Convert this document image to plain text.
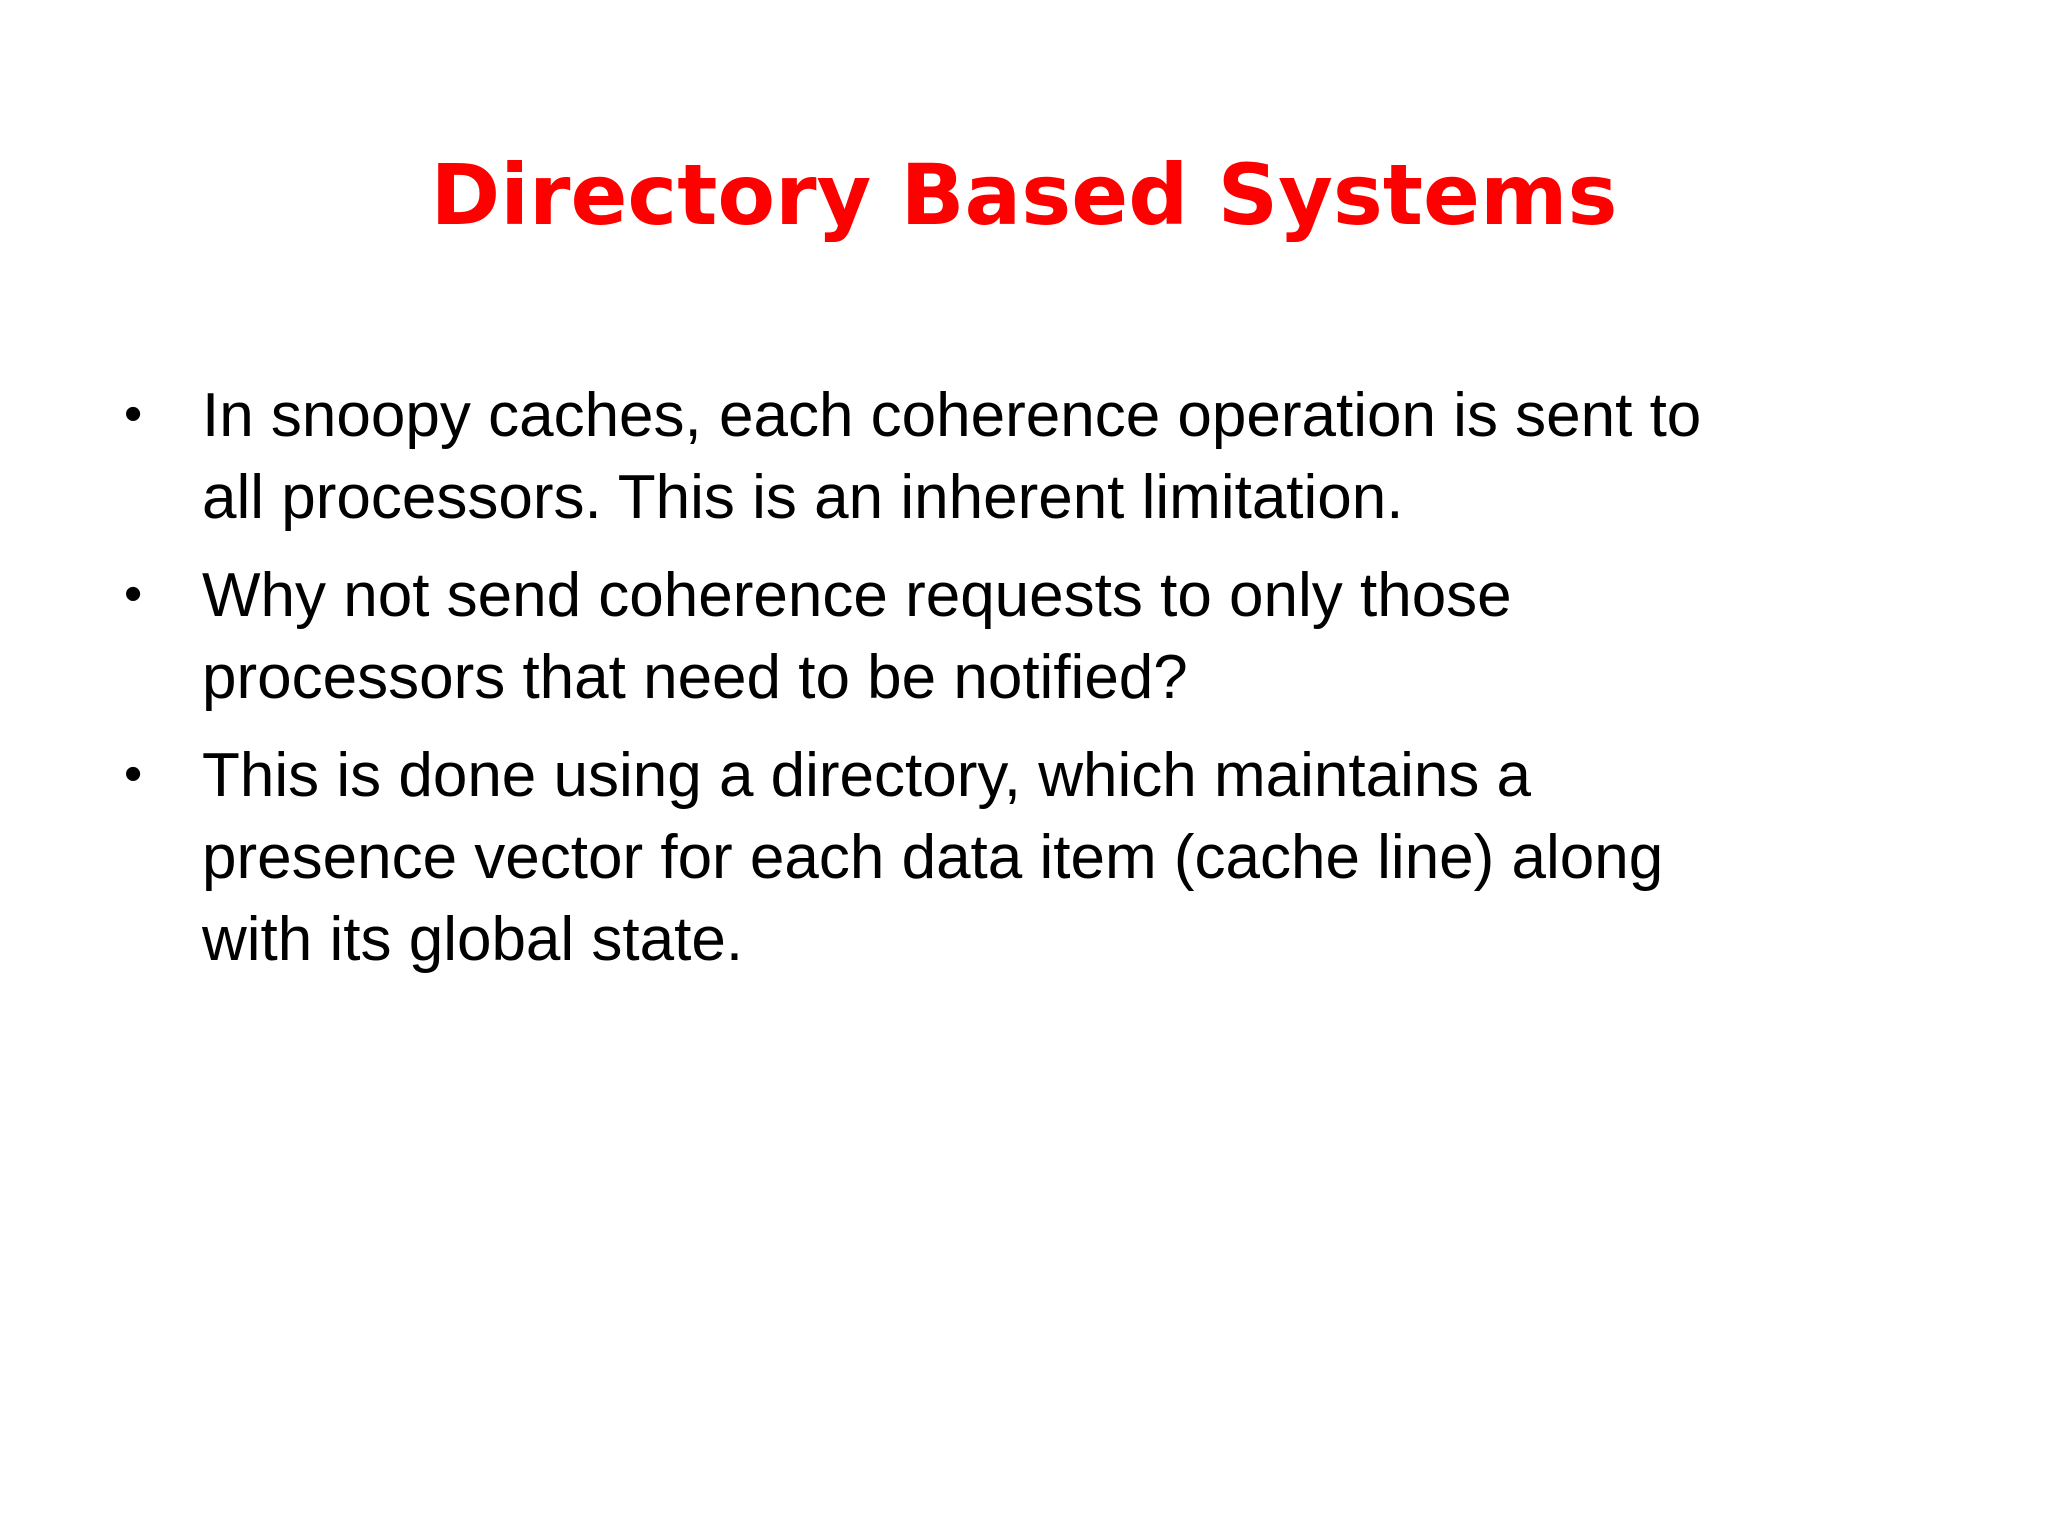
Directory Based Systems
• In snoopy caches, each coherence operation is sent to
all processors. This is an inherent limitation.
• Why not send coherence requests to only those
processors that need to be notified?
• This is done using a directory, which maintains a
presence vector for each data item (cache line) along
with its global state.
